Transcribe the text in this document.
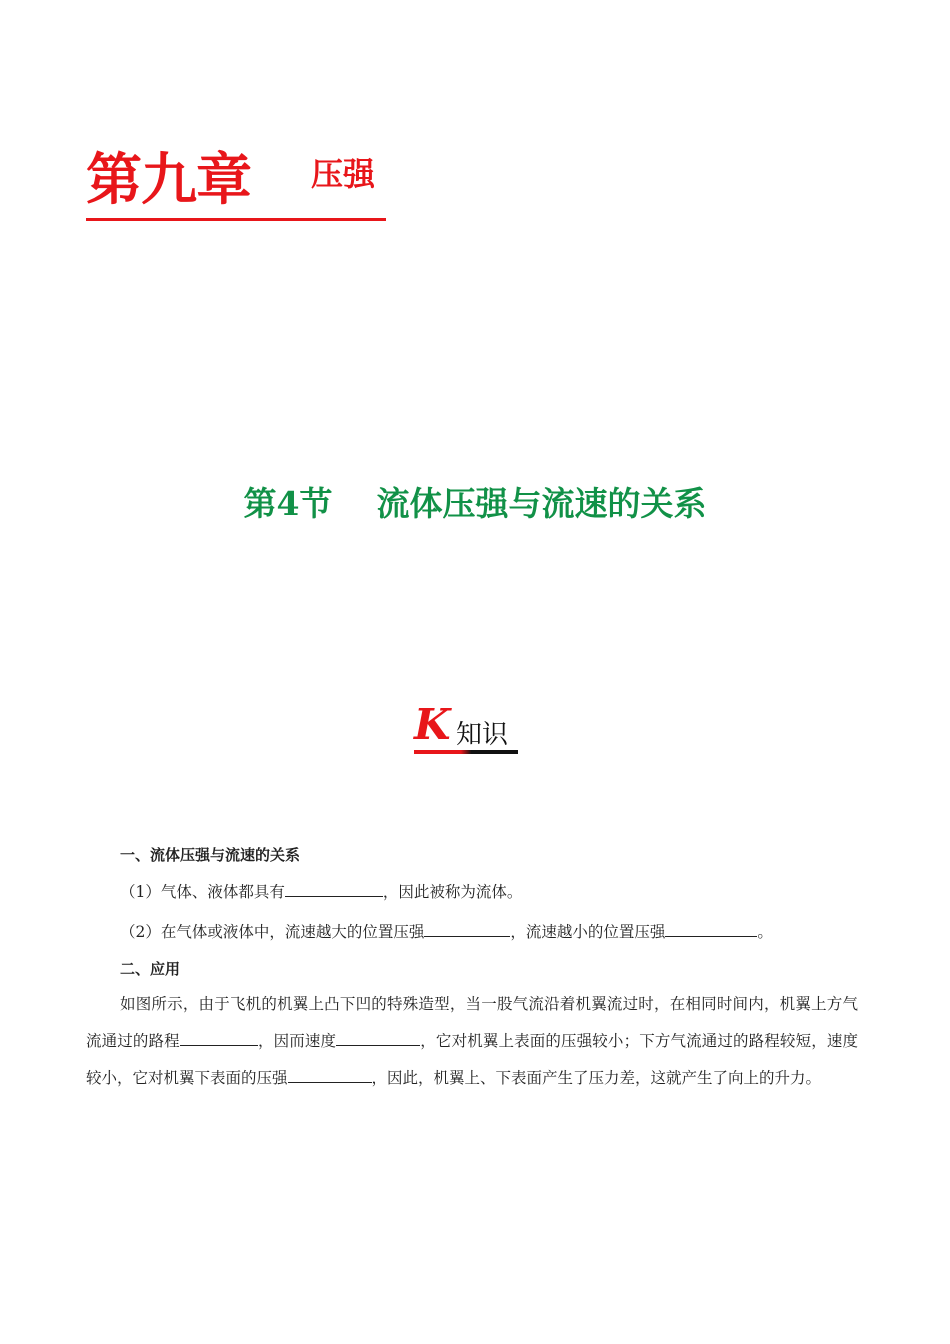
第九章 压强
第4节 流体压强与流速的关系
K 知识
一、流体压强与流速的关系
（1）气体、液体都具有	，因此被称为流体。
（2）在气体或液体中，流速越大的位置压强	，流速越小的位置压强	。
二、应用
如图所示，由于飞机的机翼上凸下凹的特殊造型，当一股气流沿着机翼流过时，在相同时间内，机翼上方气流通过的路程	，因而速度	，它对机翼上表面的压强较小；下方气流通过的路程较短，速度较小，它对机翼下表面的压强	，因此，机翼上、下表面产生了压力差，这就产生了向上的升力。
